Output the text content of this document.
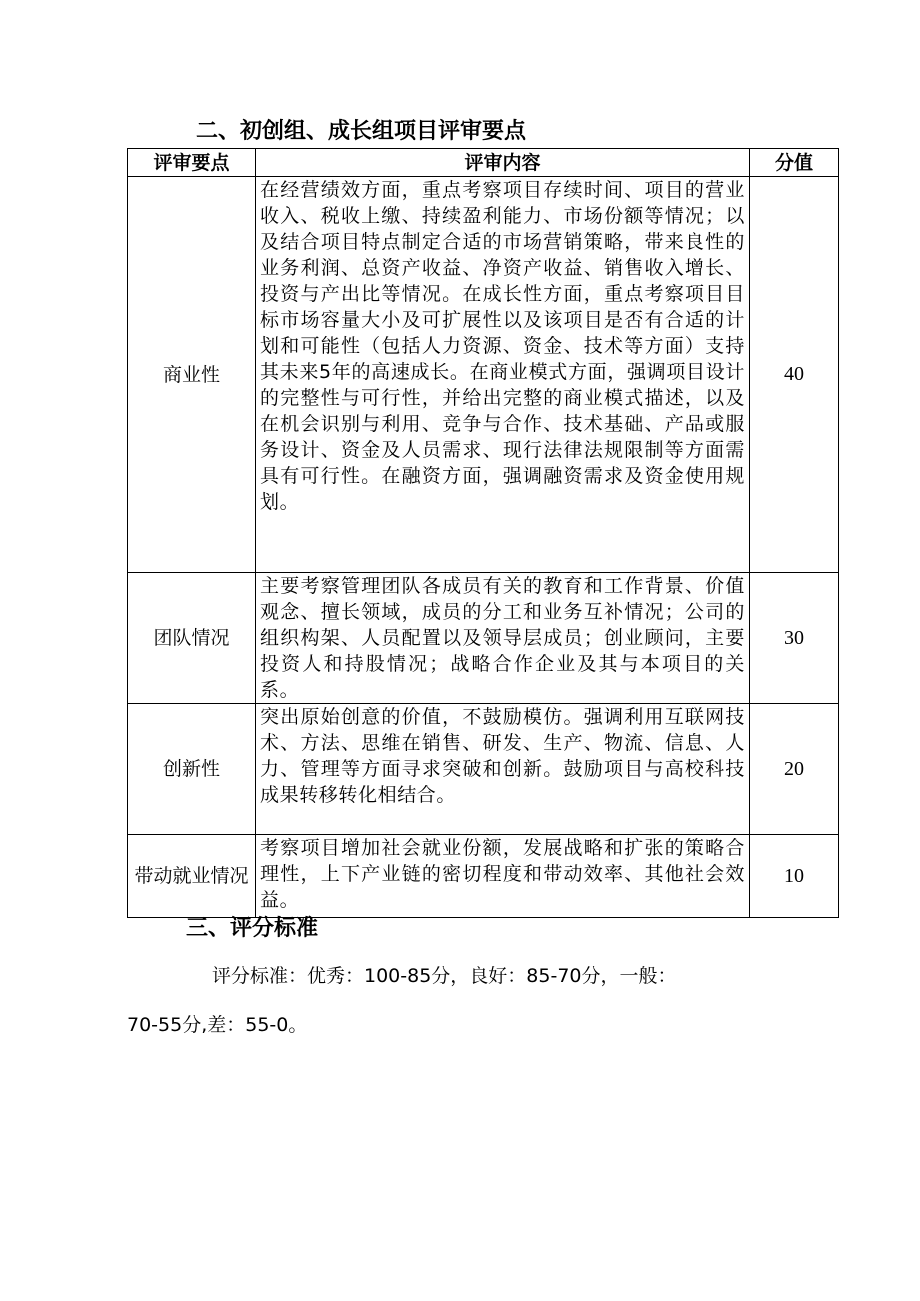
二、初创组、成长组项目评审要点
评审要点	评审内容	分值
商业性	在经营绩效方面，重点考察项目存续时间、项目的营业收入、税收上缴、持续盈利能力、市场份额等情况；以及结合项目特点制定合适的市场营销策略，带来良性的业务利润、总资产收益、净资产收益、销售收入增长、投资与产出比等情况。在成长性方面，重点考察项目目标市场容量大小及可扩展性以及该项目是否有合适的计划和可能性（包括人力资源、资金、技术等方面）支持其未来5年的高速成长。在商业模式方面，强调项目设计的完整性与可行性，并给出完整的商业模式描述，以及在机会识别与利用、竞争与合作、技术基础、产品或服务设计、资金及人员需求、现行法律法规限制等方面需具有可行性。在融资方面，强调融资需求及资金使用规划。	40
团队情况	主要考察管理团队各成员有关的教育和工作背景、价值观念、擅长领域，成员的分工和业务互补情况；公司的组织构架、人员配置以及领导层成员；创业顾问，主要投资人和持股情况；战略合作企业及其与本项目的关系。	30
创新性	突出原始创意的价值，不鼓励模仿。强调利用互联网技术、方法、思维在销售、研发、生产、物流、信息、人力、管理等方面寻求突破和创新。鼓励项目与高校科技成果转移转化相结合。	20
带动就业情况	考察项目增加社会就业份额，发展战略和扩张的策略合理性，上下产业链的密切程度和带动效率、其他社会效益。	10
三、评分标准

评分标准：优秀：100-85分，良好：85-70分，一般：

70-55分,差：55-0。
